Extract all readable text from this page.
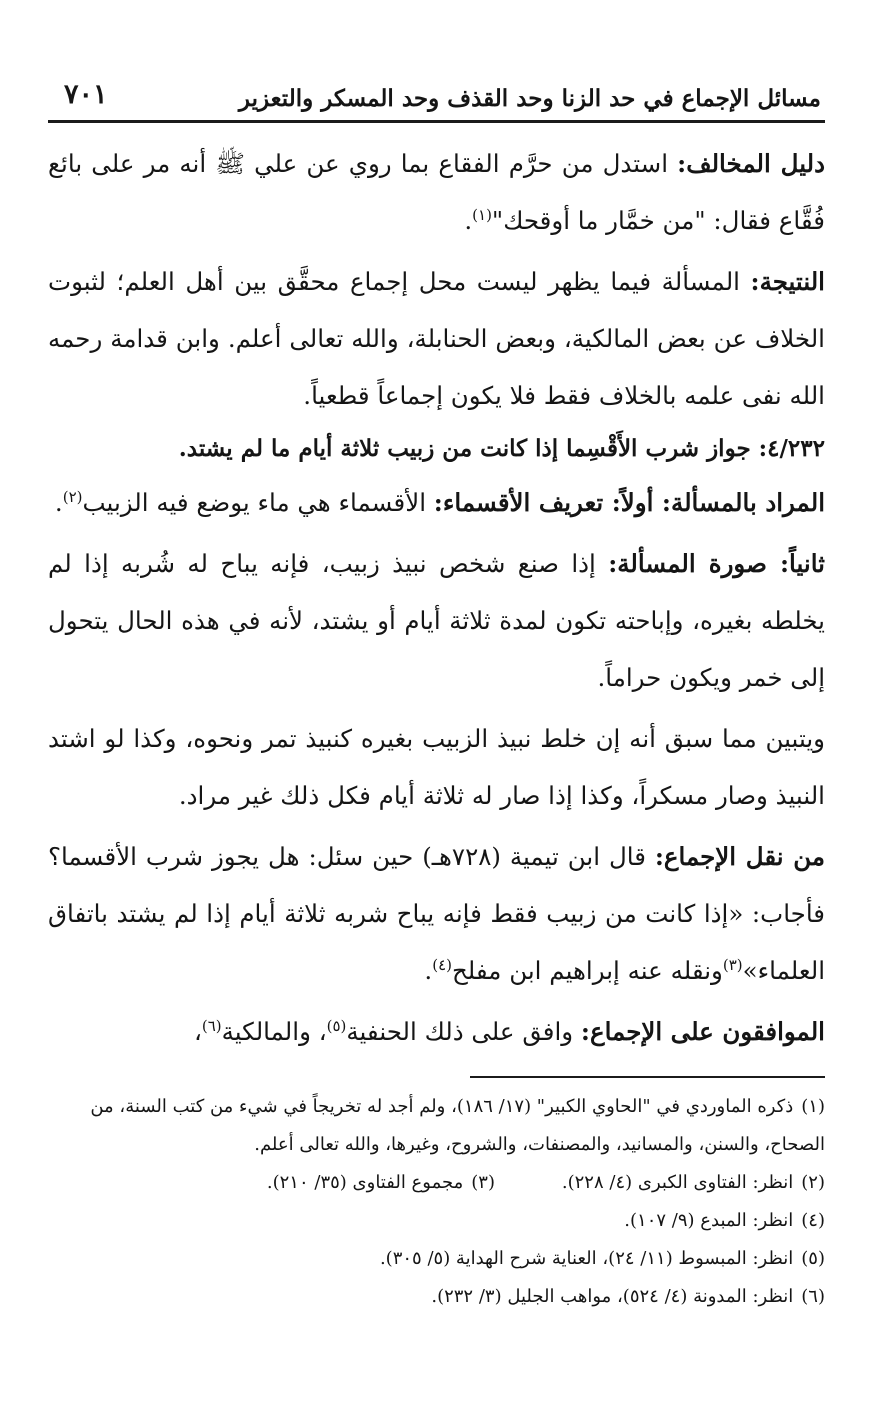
مسائل الإجماع في حد الزنا وحد القذف وحد المسكر والتعزير
٧٠١

دليل المخالف: استدل من حرَّم الفقاع بما روي عن علي ﷺ أنه مر على بائع فُقَّاع فقال: "من خمَّار ما أوقحك"$^{(١)}$.

النتيجة: المسألة فيما يظهر ليست محل إجماع محقَّق بين أهل العلم؛ لثبوت الخلاف عن بعض المالكية، وبعض الحنابلة، والله تعالى أعلم. وابن قدامة رحمه الله نفى علمه بالخلاف فقط فلا يكون إجماعاً قطعياً.

٤/٢٣٢: جواز شرب الأَقْسِما إذا كانت من زبيب ثلاثة أيام ما لم يشتد.

المراد بالمسألة: أولاً: تعريف الأقسماء: الأقسماء هي ماء يوضع فيه الزبيب$^{(٢)}$.

ثانياً: صورة المسألة: إذا صنع شخص نبيذ زبيب، فإنه يباح له شُربه إذا لم يخلطه بغيره، وإباحته تكون لمدة ثلاثة أيام أو يشتد، لأنه في هذه الحال يتحول إلى خمر ويكون حراماً.

ويتبين مما سبق أنه إن خلط نبيذ الزبيب بغيره كنبيذ تمر ونحوه، وكذا لو اشتد النبيذ وصار مسكراً، وكذا إذا صار له ثلاثة أيام فكل ذلك غير مراد.

من نقل الإجماع: قال ابن تيمية (٧٢٨هـ) حين سئل: هل يجوز شرب الأقسما؟ فأجاب: «إذا كانت من زبيب فقط فإنه يباح شربه ثلاثة أيام إذا لم يشتد باتفاق العلماء»$^{(٣)}$ونقله عنه إبراهيم ابن مفلح$^{(٤)}$.

الموافقون على الإجماع: وافق على ذلك الحنفية$^{(٥)}$، والمالكية$^{(٦)}$،

(١)ذكره الماوردي في "الحاوي الكبير" (١٧/ ١٨٦)، ولم أجد له تخريجاً في شيء من كتب السنة، من الصحاح، والسنن، والمسانيد، والمصنفات، والشروح، وغيرها، والله تعالى أعلم.

(٢)انظر: الفتاوى الكبرى (٤/ ٢٢٨).
(٣)مجموع الفتاوى (٣٥/ ٢١٠).

(٤)انظر: المبدع (٩/ ١٠٧).

(٥)انظر: المبسوط (١١/ ٢٤)، العناية شرح الهداية (٥/ ٣٠٥).

(٦)انظر: المدونة (٤/ ٥٢٤)، مواهب الجليل (٣/ ٢٣٢).
